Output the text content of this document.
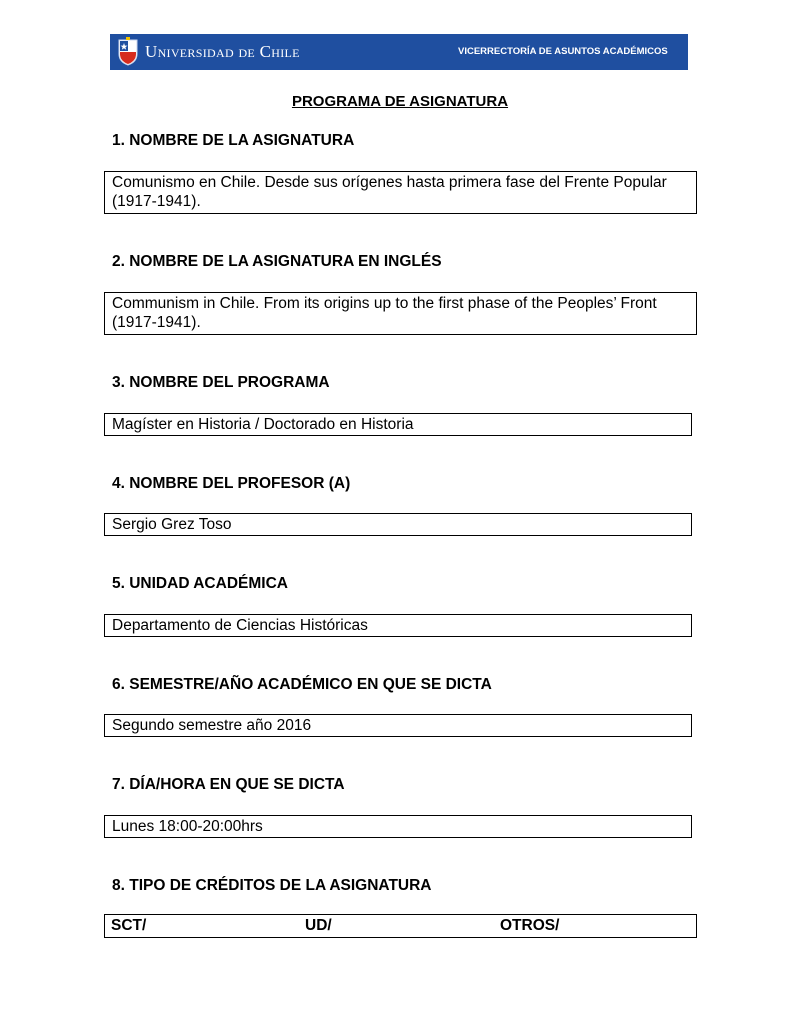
Universidad de Chile	VICERRECTORÍA DE ASUNTOS ACADÉMICOS
PROGRAMA DE ASIGNATURA
1. NOMBRE DE LA ASIGNATURA
Comunismo en Chile. Desde sus orígenes hasta primera fase del Frente Popular (1917-1941).
2. NOMBRE DE LA ASIGNATURA EN INGLÉS
Communism in Chile. From its origins up to the first phase of the Peoples’ Front (1917-1941).
3. NOMBRE DEL PROGRAMA
Magíster en Historia / Doctorado en Historia
4. NOMBRE DEL PROFESOR (A)
Sergio Grez Toso
5. UNIDAD ACADÉMICA
Departamento de Ciencias Históricas
6. SEMESTRE/AÑO ACADÉMICO EN QUE SE DICTA
Segundo semestre año 2016
7. DÍA/HORA EN QUE SE DICTA
Lunes 18:00-20:00hrs
8. TIPO DE CRÉDITOS DE LA ASIGNATURA
SCT/	UD/	OTROS/
